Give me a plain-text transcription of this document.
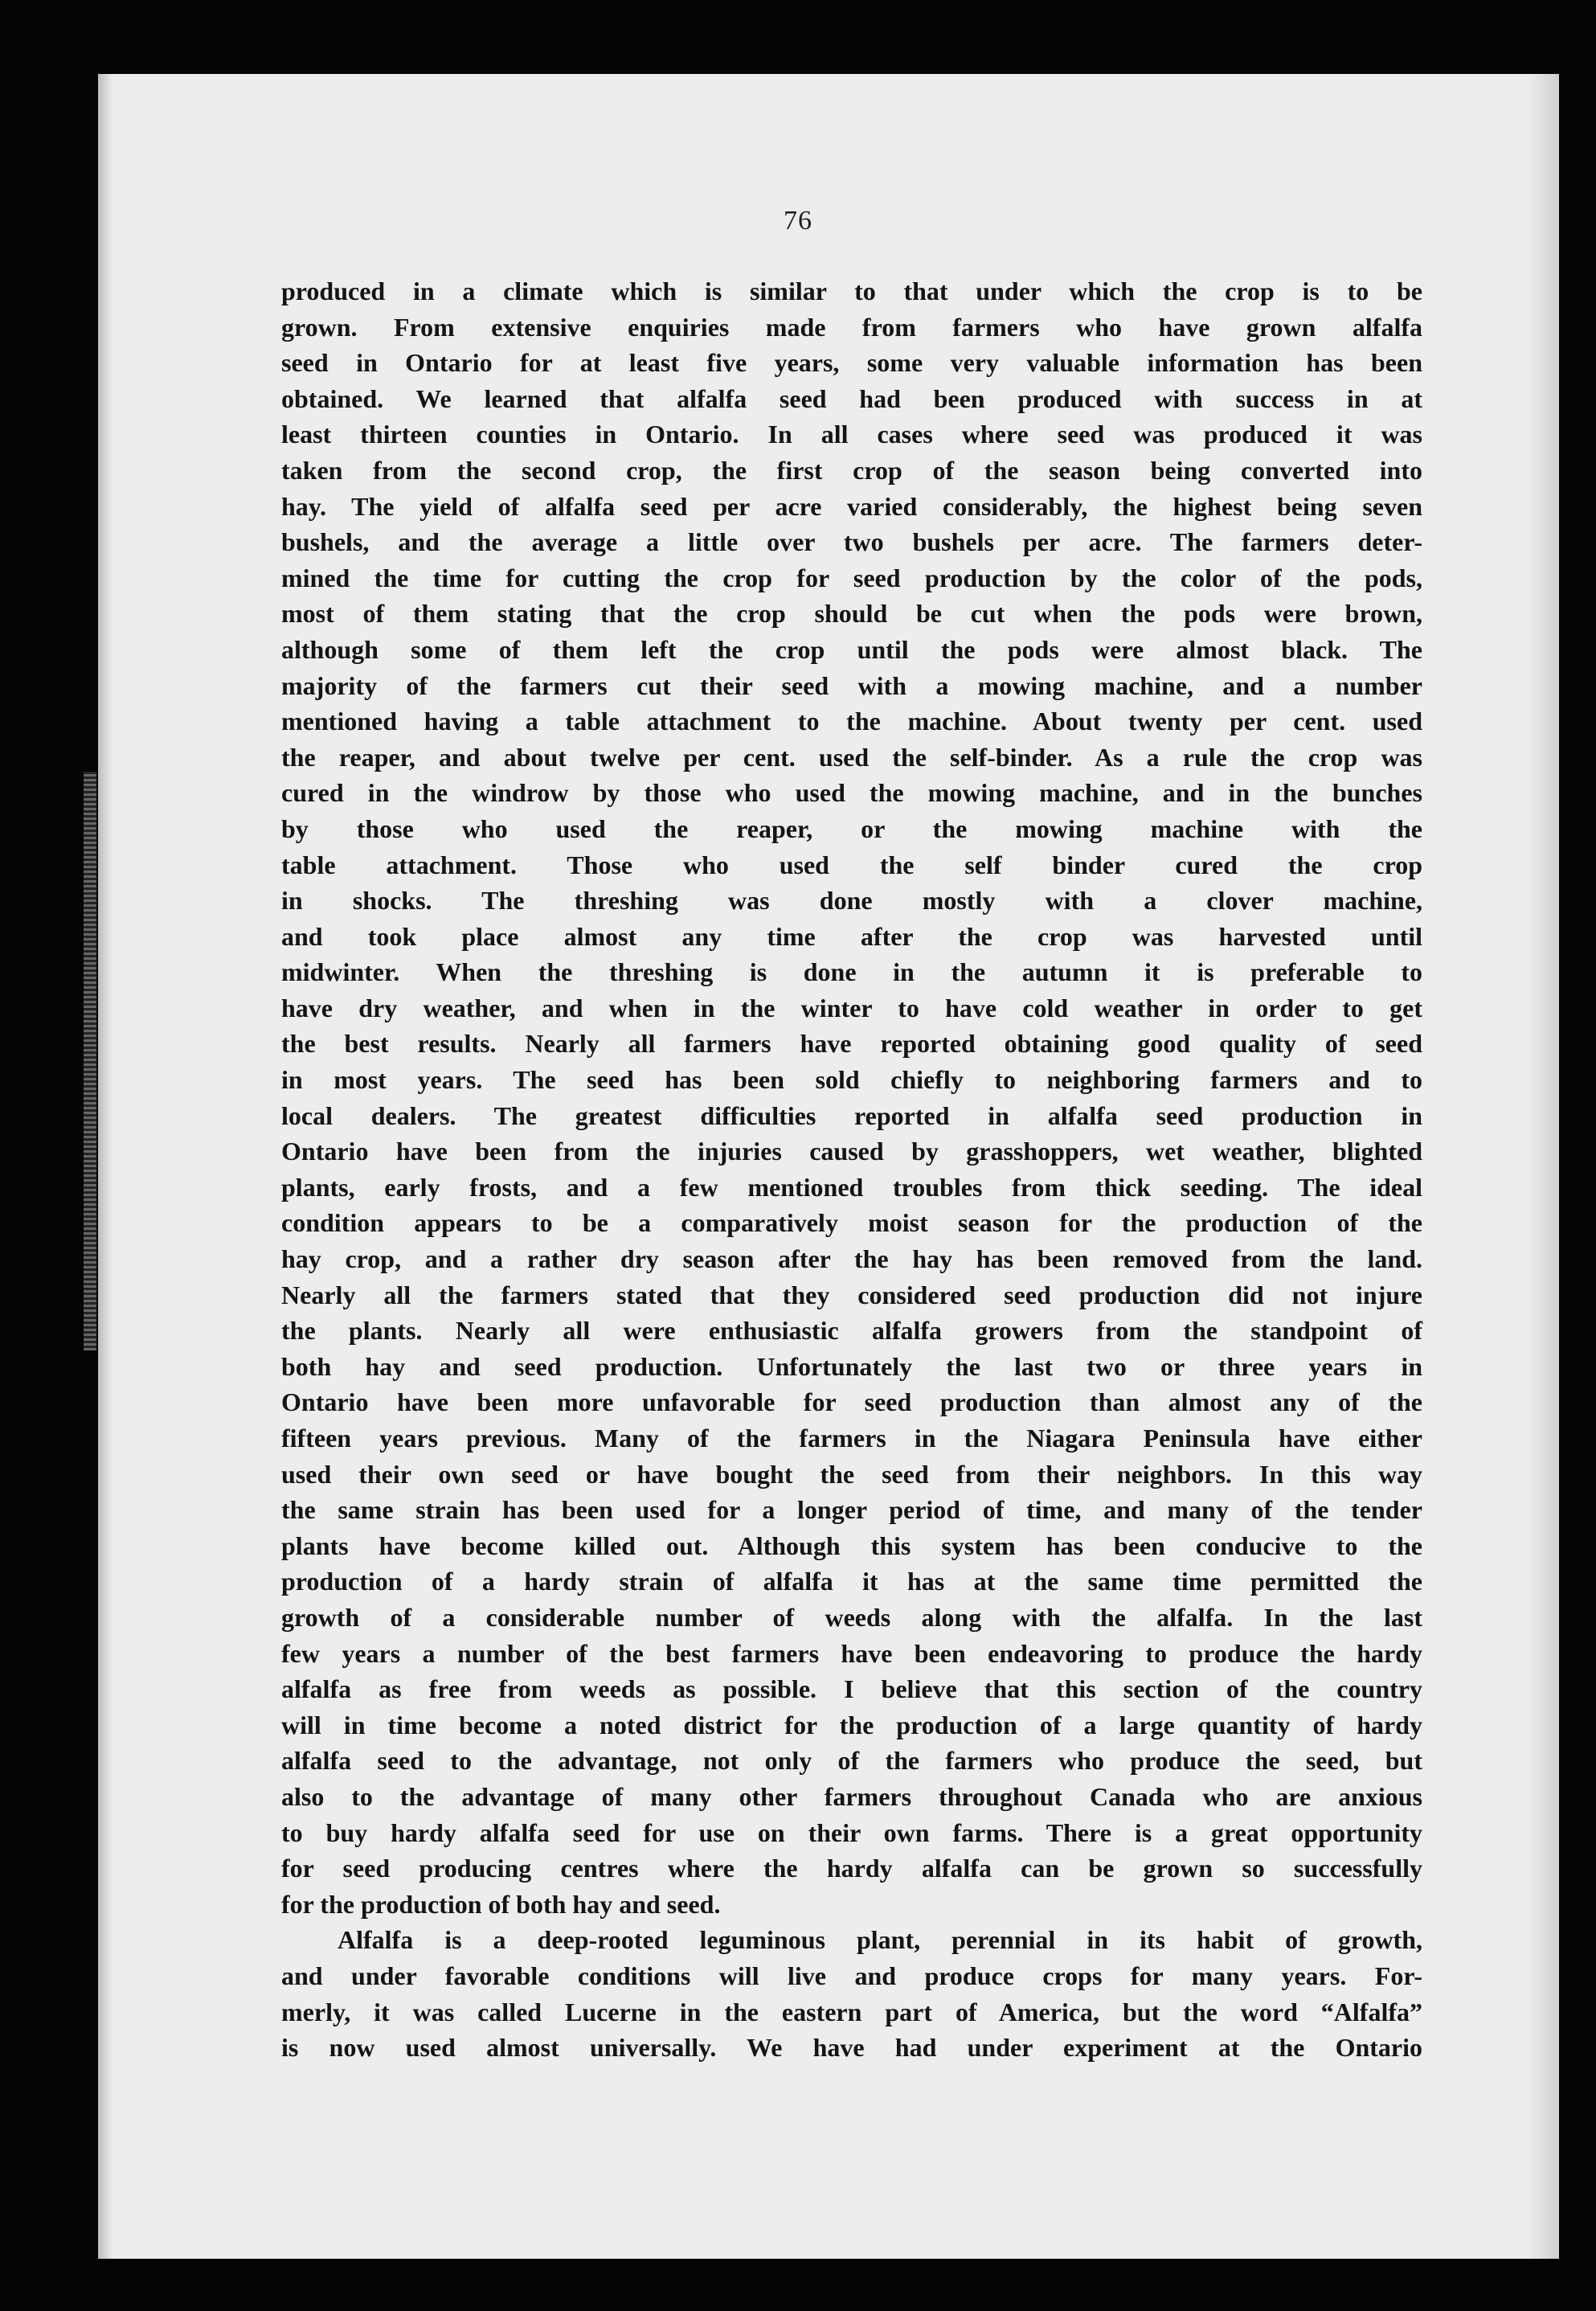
76
produced in a climate which is similar to that under which the crop is to be
grown. From extensive enquiries made from farmers who have grown alfalfa
seed in Ontario for at least five years, some very valuable information has been
obtained. We learned that alfalfa seed had been produced with success in at
least thirteen counties in Ontario. In all cases where seed was produced it was
taken from the second crop, the first crop of the season being converted into
hay. The yield of alfalfa seed per acre varied considerably, the highest being seven
bushels, and the average a little over two bushels per acre. The farmers deter-
mined the time for cutting the crop for seed production by the color of the pods,
most of them stating that the crop should be cut when the pods were brown,
although some of them left the crop until the pods were almost black. The
majority of the farmers cut their seed with a mowing machine, and a number
mentioned having a table attachment to the machine. About twenty per cent. used
the reaper, and about twelve per cent. used the self-binder. As a rule the crop was
cured in the windrow by those who used the mowing machine, and in the bunches
by those who used the reaper, or the mowing machine with the
table attachment. Those who used the self binder cured the crop
in shocks. The threshing was done mostly with a clover machine,
and took place almost any time after the crop was harvested until
midwinter. When the threshing is done in the autumn it is preferable to
have dry weather, and when in the winter to have cold weather in order to get
the best results. Nearly all farmers have reported obtaining good quality of seed
in most years. The seed has been sold chiefly to neighboring farmers and to
local dealers. The greatest difficulties reported in alfalfa seed production in
Ontario have been from the injuries caused by grasshoppers, wet weather, blighted
plants, early frosts, and a few mentioned troubles from thick seeding. The ideal
condition appears to be a comparatively moist season for the production of the
hay crop, and a rather dry season after the hay has been removed from the land.
Nearly all the farmers stated that they considered seed production did not injure
the plants. Nearly all were enthusiastic alfalfa growers from the standpoint of
both hay and seed production. Unfortunately the last two or three years in
Ontario have been more unfavorable for seed production than almost any of the
fifteen years previous. Many of the farmers in the Niagara Peninsula have either
used their own seed or have bought the seed from their neighbors. In this way
the same strain has been used for a longer period of time, and many of the tender
plants have become killed out. Although this system has been conducive to the
production of a hardy strain of alfalfa it has at the same time permitted the
growth of a considerable number of weeds along with the alfalfa. In the last
few years a number of the best farmers have been endeavoring to produce the hardy
alfalfa as free from weeds as possible. I believe that this section of the country
will in time become a noted district for the production of a large quantity of hardy
alfalfa seed to the advantage, not only of the farmers who produce the seed, but
also to the advantage of many other farmers throughout Canada who are anxious
to buy hardy alfalfa seed for use on their own farms. There is a great opportunity
for seed producing centres where the hardy alfalfa can be grown so successfully
for the production of both hay and seed.
Alfalfa is a deep-rooted leguminous plant, perennial in its habit of growth,
and under favorable conditions will live and produce crops for many years. For-
merly, it was called Lucerne in the eastern part of America, but the word “Alfalfa”
is now used almost universally. We have had under experiment at the Ontario
